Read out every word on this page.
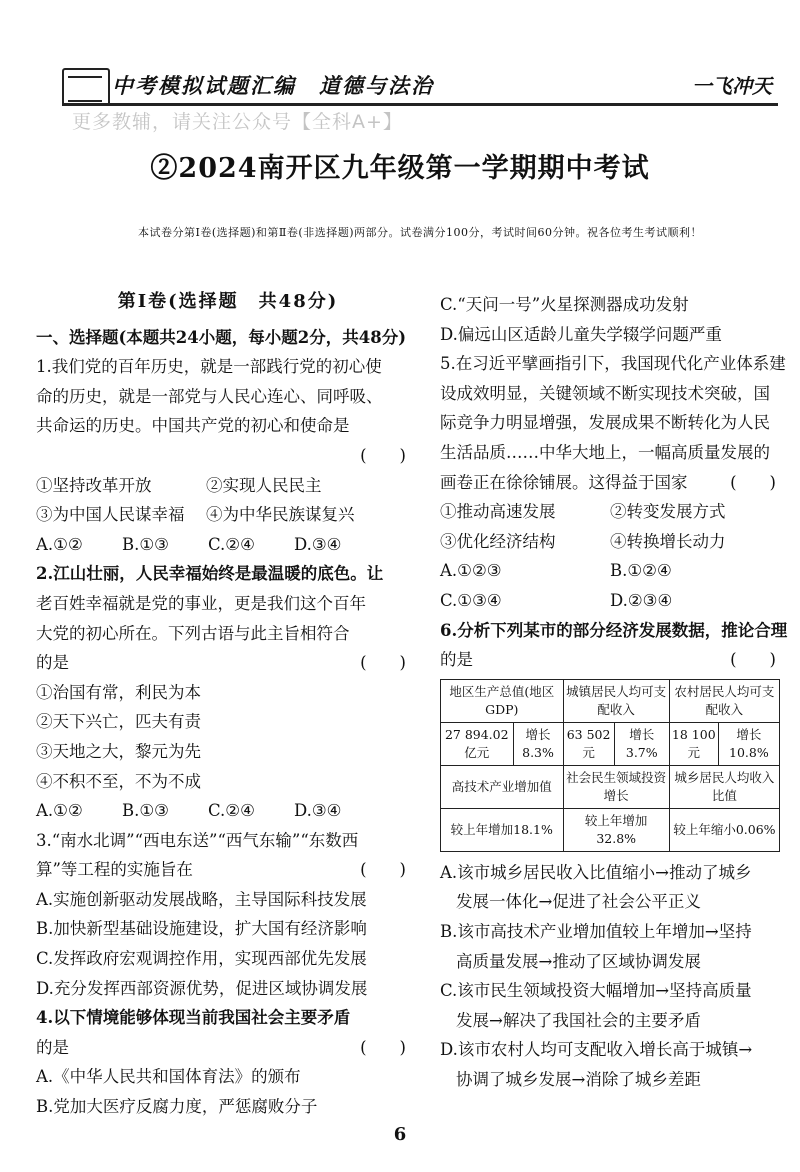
中考模拟试题汇编　道德与法治	一飞冲天
更多教辅，请关注公众号【全科A+】
②2024南开区九年级第一学期期中考试
本试卷分第Ⅰ卷(选择题)和第Ⅱ卷(非选择题)两部分。试卷满分100分，考试时间60分钟。祝各位考生考试顺利！
第Ⅰ卷(选择题　共48分)
一、选择题(本题共24小题，每小题2分，共48分)
1.我们党的百年历史，就是一部践行党的初心使
命的历史，就是一部党与人民心连心、同呼吸、
共命运的历史。中国共产党的初心和使命是
(　　)

①坚持改革开放	②实现人民民主
③为中国人民谋幸福	④为中华民族谋复兴
A.①②	B.①③	C.②④	D.③④
2.江山壮丽，人民幸福始终是最温暖的底色。让
老百姓幸福就是党的事业，更是我们这个百年
大党的初心所在。下列古语与此主旨相符合
的是	(　　)
①治国有常，利民为本
②天下兴亡，匹夫有责
③天地之大，黎元为先
④不积不至，不为不成
A.①②	B.①③	C.②④	D.③④
3.“南水北调”“西电东送”“西气东输”“东数西
算”等工程的实施旨在	(　　)
A.实施创新驱动发展战略，主导国际科技发展
B.加快新型基础设施建设，扩大国有经济影响
C.发挥政府宏观调控作用，实现西部优先发展
D.充分发挥西部资源优势，促进区域协调发展
4.以下情境能够体现当前我国社会主要矛盾
的是	(　　)
A.《中华人民共和国体育法》的颁布
B.党加大医疗反腐力度，严惩腐败分子
C.“天问一号”火星探测器成功发射
D.偏远山区适龄儿童失学辍学问题严重
5.在习近平擘画指引下，我国现代化产业体系建
设成效明显，关键领域不断实现技术突破，国
际竞争力明显增强，发展成果不断转化为人民
生活品质……中华大地上，一幅高质量发展的
画卷正在徐徐铺展。这得益于国家	(　　)
①推动高速发展	②转变发展方式
③优化经济结构	④转换增长动力
A.①②③	B.①②④
C.①③④	D.②③④
6.分析下列某市的部分经济发展数据，推论合理
的是	(　　)
地区生产总值(地区GDP)		城镇居民人均可支配收入		农村居民人均可支配收入	
27 894.02亿元	增长8.3%	63 502元	增长3.7%	18 100元	增长10.8%
高技术产业增加值		社会民生领域投资增长		城乡居民人均收入比值	
较上年增加18.1%		较上年增加32.8%		较上年缩小0.06%	
A.该市城乡居民收入比值缩小→推动了城乡
发展一体化→促进了社会公平正义
B.该市高技术产业增加值较上年增加→坚持
高质量发展→推动了区域协调发展
C.该市民生领域投资大幅增加→坚持高质量
发展→解决了我国社会的主要矛盾
D.该市农村人均可支配收入增长高于城镇→
协调了城乡发展→消除了城乡差距
6
